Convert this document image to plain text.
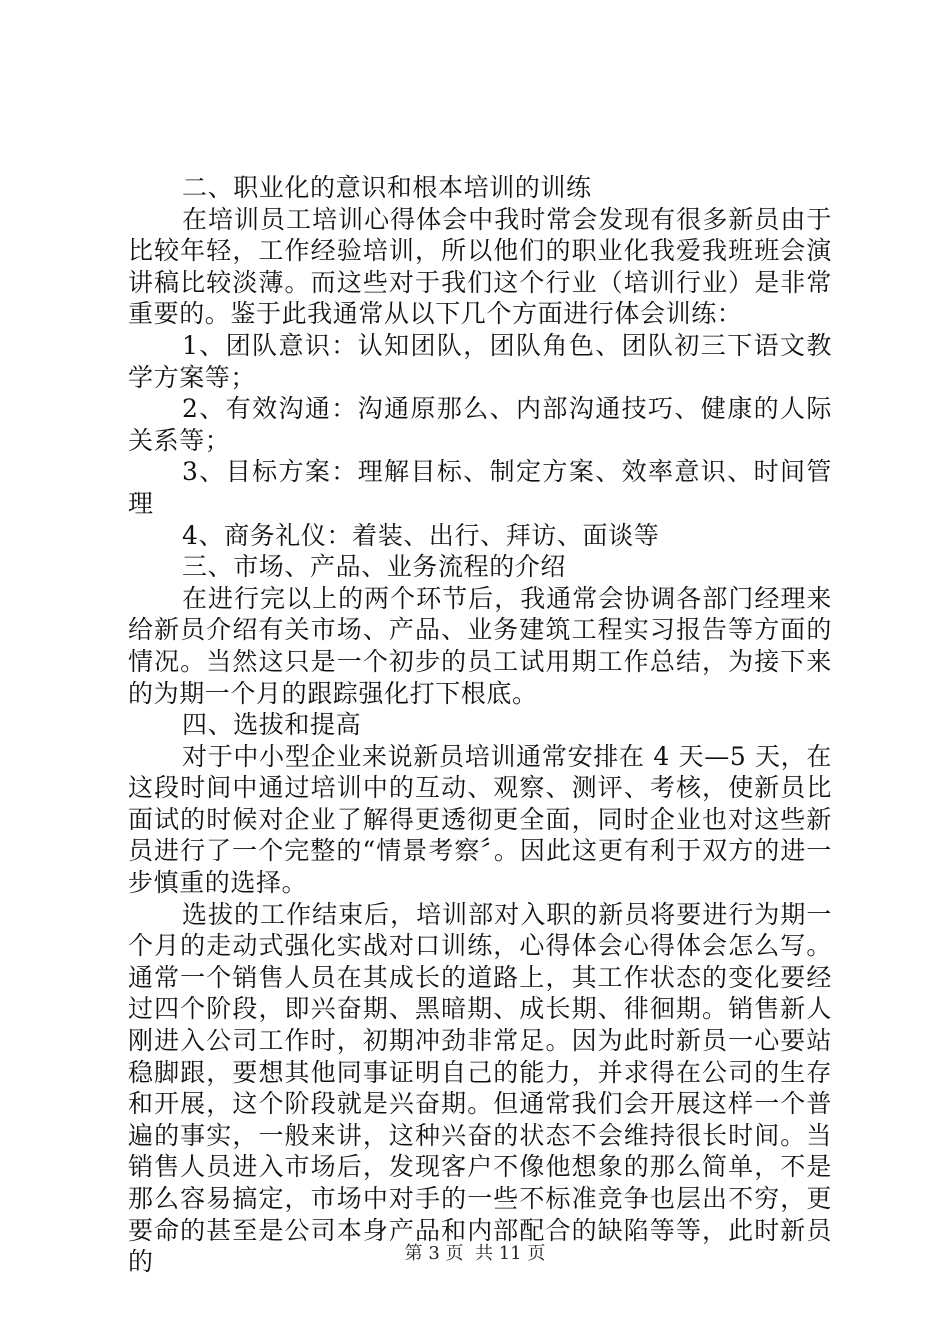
二、职业化的意识和根本培训的训练

在培训员工培训心得体会中我时常会发现有很多新员由于比较年轻，工作经验培训，所以他们的职业化我爱我班班会演讲稿比较淡薄。而这些对于我们这个行业（培训行业）是非常重要的。鉴于此我通常从以下几个方面进行体会训练：

1、团队意识：认知团队，团队角色、团队初三下语文教学方案等；

2、有效沟通：沟通原那么、内部沟通技巧、健康的人际关系等；

3、目标方案：理解目标、制定方案、效率意识、时间管理

4、商务礼仪：着装、出行、拜访、面谈等

三、市场、产品、业务流程的介绍

在进行完以上的两个环节后，我通常会协调各部门经理来给新员介绍有关市场、产品、业务建筑工程实习报告等方面的情况。当然这只是一个初步的员工试用期工作总结，为接下来的为期一个月的跟踪强化打下根底。

四、选拔和提高

对于中小型企业来说新员培训通常安排在 4 天—5 天，在这段时间中通过培训中的互动、观察、测评、考核，使新员比面试的时候对企业了解得更透彻更全面，同时企业也对这些新员进行了一个完整的“情景考察〞。因此这更有利于双方的进一步慎重的选择。

选拔的工作结束后，培训部对入职的新员将要进行为期一个月的走动式强化实战对口训练，心得体会心得体会怎么写。通常一个销售人员在其成长的道路上，其工作状态的变化要经过四个阶段，即兴奋期、黑暗期、成长期、徘徊期。销售新人刚进入公司工作时，初期冲劲非常足。因为此时新员一心要站稳脚跟，要想其他同事证明自己的能力，并求得在公司的生存和开展，这个阶段就是兴奋期。但通常我们会开展这样一个普遍的事实，一般来讲，这种兴奋的状态不会维持很长时间。当销售人员进入市场后，发现客户不像他想象的那么简单，不是那么容易搞定，市场中对手的一些不标准竞争也层出不穷，更要命的甚至是公司本身产品和内部配合的缺陷等等，此时新员的	第 3 页 共 11 页
